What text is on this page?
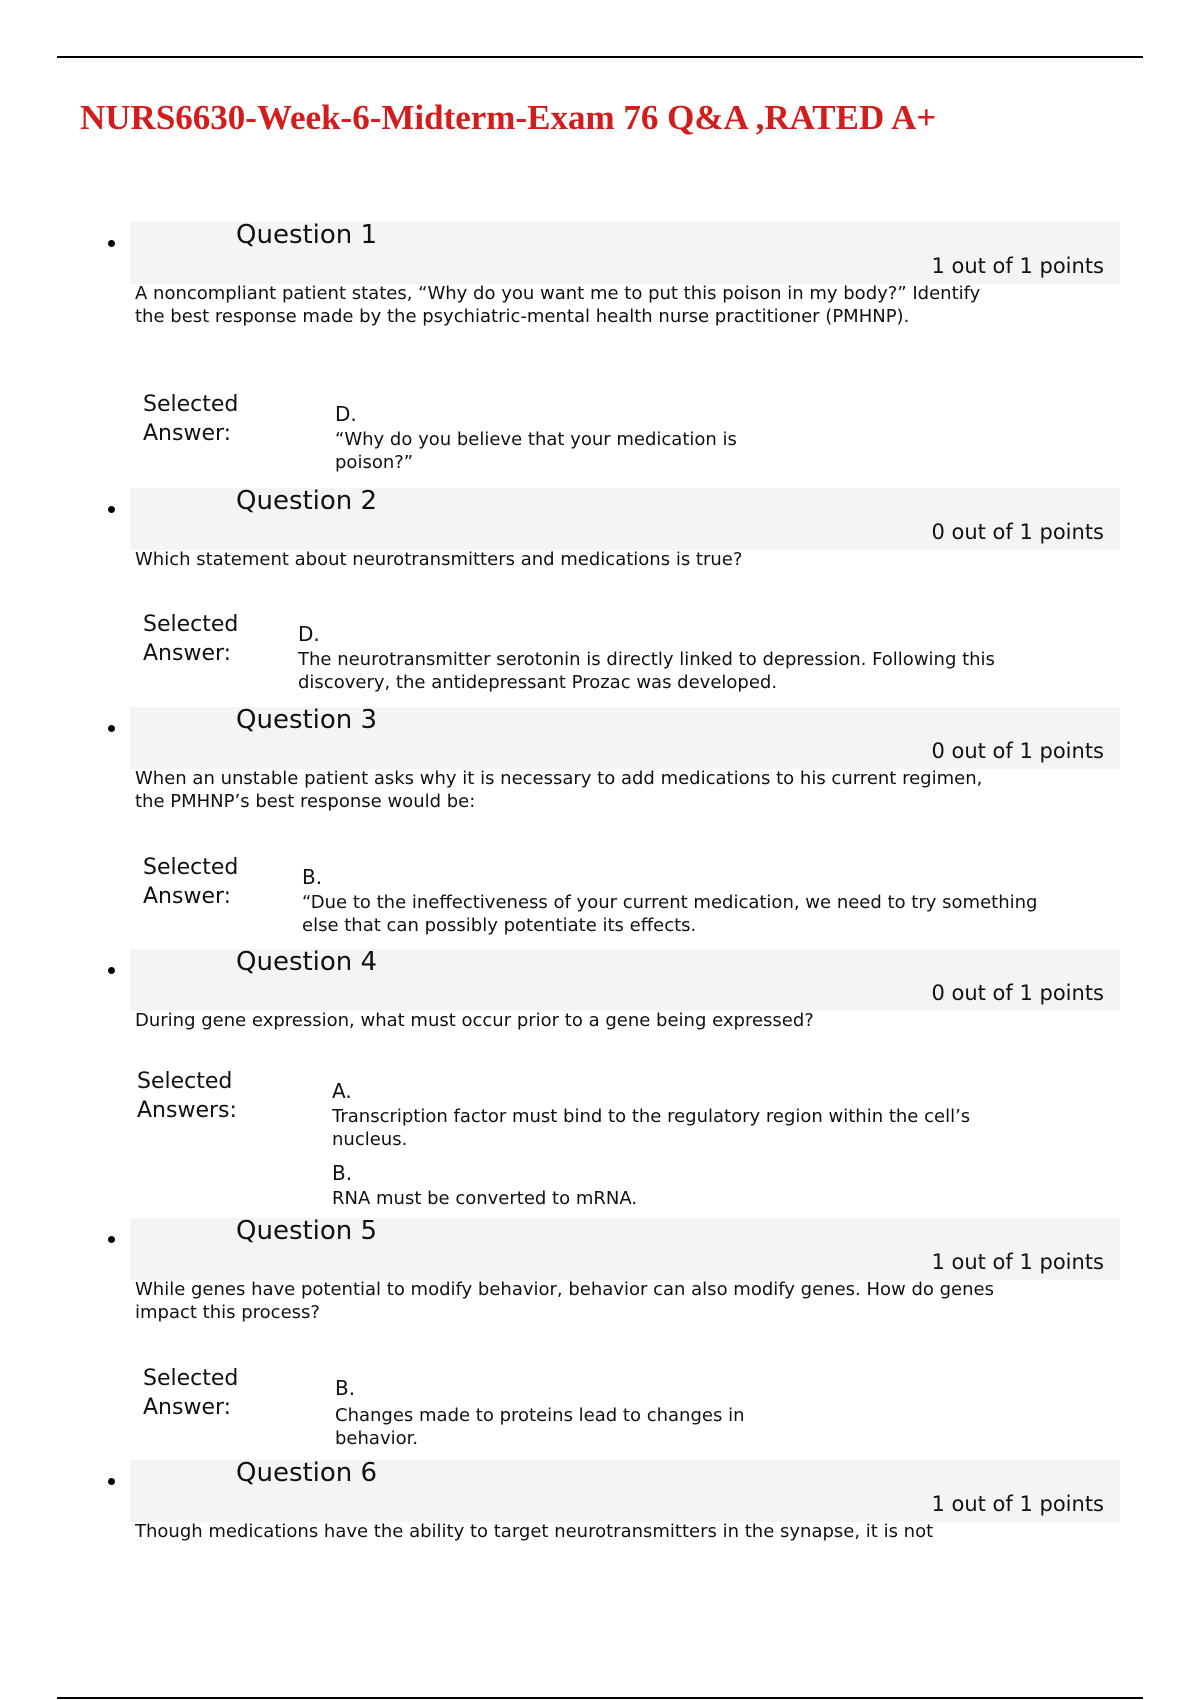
NURS6630-Week-6-Midterm-Exam 76 Q&A ,RATED A+
Question 1
1 out of 1 points
A noncompliant patient states, “Why do you want me to put this poison in my body?” Identify the best response made by the psychiatric-mental health nurse practitioner (PMHNP).
Selected Answer:
D.
“Why do you believe that your medication is poison?”
Question 2
0 out of 1 points
Which statement about neurotransmitters and medications is true?
Selected Answer:
D.
The neurotransmitter serotonin is directly linked to depression. Following this discovery, the antidepressant Prozac was developed.
Question 3
0 out of 1 points
When an unstable patient asks why it is necessary to add medications to his current regimen, the PMHNP’s best response would be:
Selected Answer:
B.
“Due to the ineffectiveness of your current medication, we need to try something else that can possibly potentiate its effects.
Question 4
0 out of 1 points
During gene expression, what must occur prior to a gene being expressed?
Selected Answers:
A.
Transcription factor must bind to the regulatory region within the cell’s nucleus.
B.
RNA must be converted to mRNA.
Question 5
1 out of 1 points
While genes have potential to modify behavior, behavior can also modify genes. How do genes impact this process?
Selected Answer:
B.
Changes made to proteins lead to changes in behavior.
Question 6
1 out of 1 points
Though medications have the ability to target neurotransmitters in the synapse, it is not
